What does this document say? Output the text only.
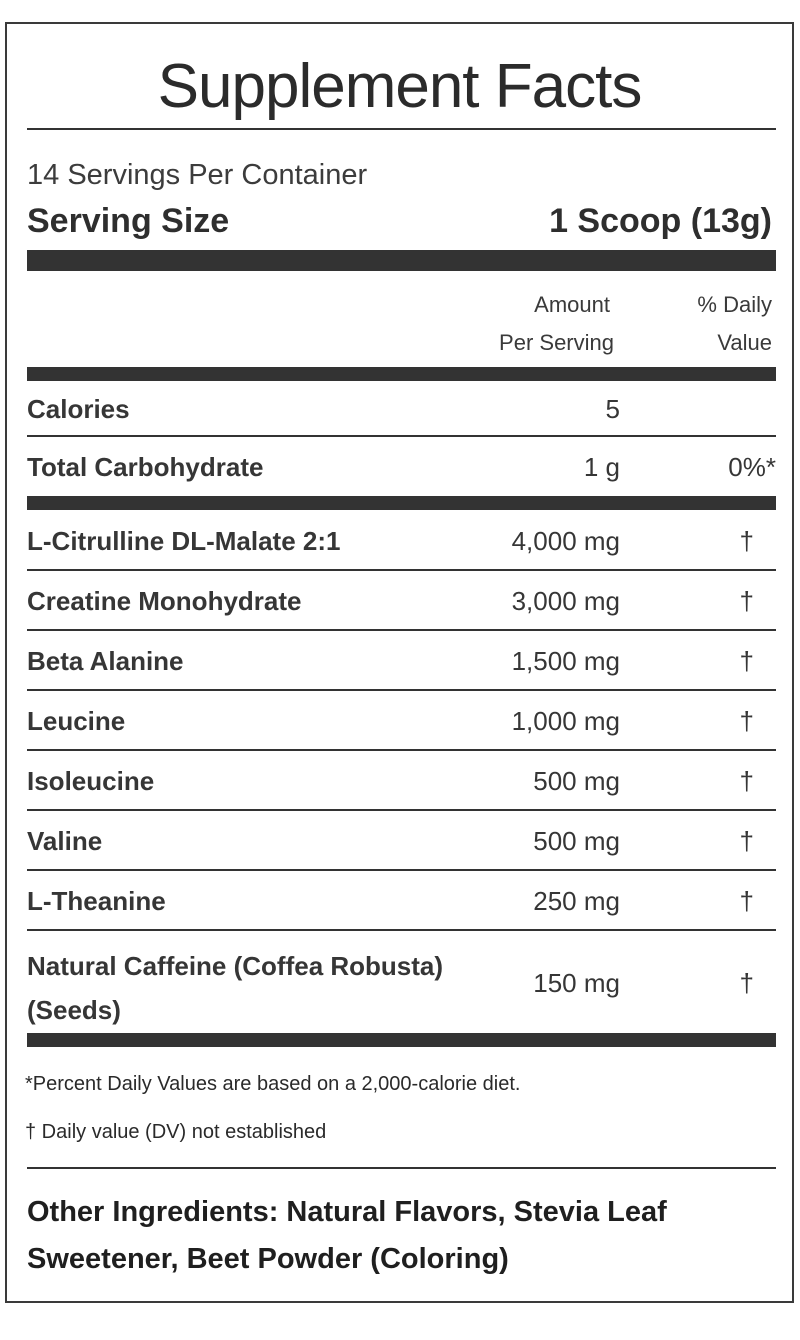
Supplement Facts
14 Servings Per Container
Serving Size	1 Scoop (13g)
Amount
Per Serving
% Daily
Value
Calories	5
Total Carbohydrate	1 g	0%*
L-Citrulline DL-Malate 2:1	4,000 mg	†
Creatine Monohydrate	3,000 mg	†
Beta Alanine	1,500 mg	†
Leucine	1,000 mg	†
Isoleucine	500 mg	†
Valine	500 mg	†
L-Theanine	250 mg	†
Natural Caffeine (Coffea Robusta)
(Seeds)
150 mg	†
*Percent Daily Values are based on a 2,000-calorie diet.
† Daily value (DV) not established
Other Ingredients: Natural Flavors, Stevia Leaf Sweetener, Beet Powder (Coloring)
